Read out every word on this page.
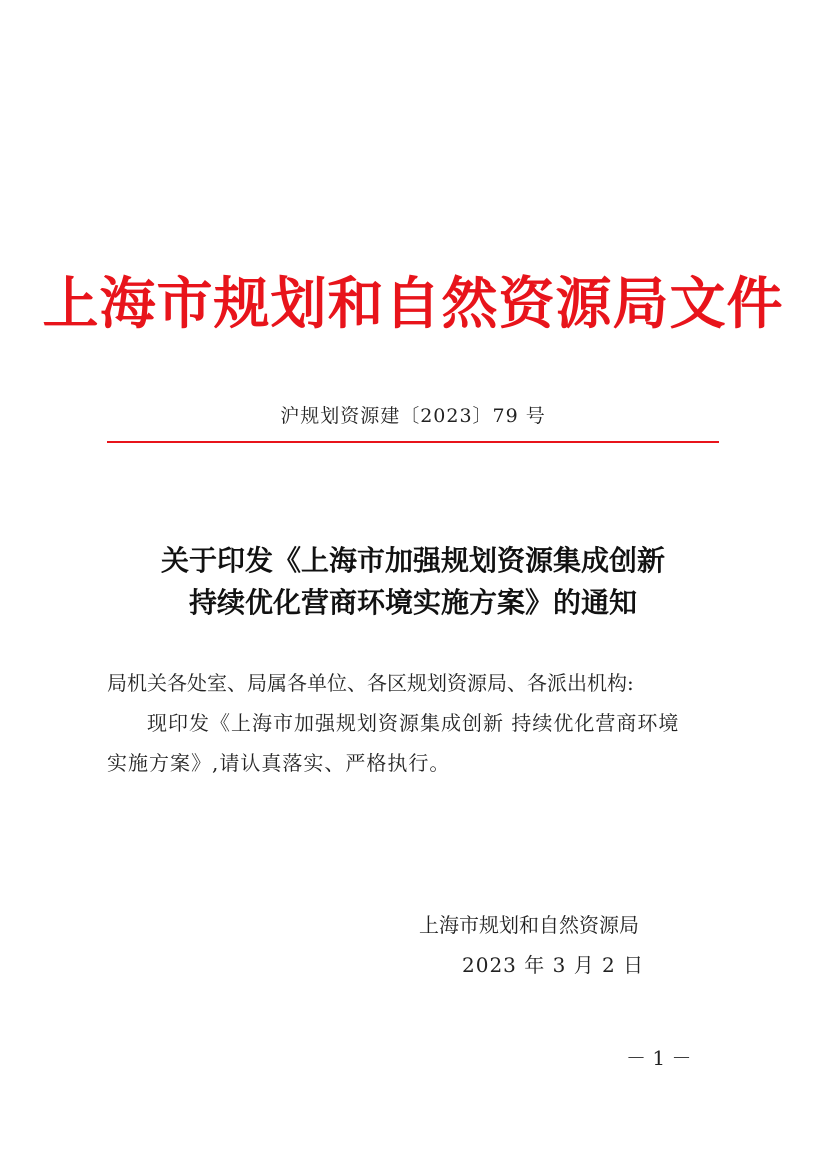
上海市规划和自然资源局文件
沪规划资源建〔2023〕79 号
关于印发《上海市加强规划资源集成创新
持续优化营商环境实施方案》的通知
局机关各处室、局属各单位、各区规划资源局、各派出机构:
现印发《上海市加强规划资源集成创新 持续优化营商环境
实施方案》,请认真落实、严格执行。
上海市规划和自然资源局
2023 年 3 月 2 日
－ 1 －
